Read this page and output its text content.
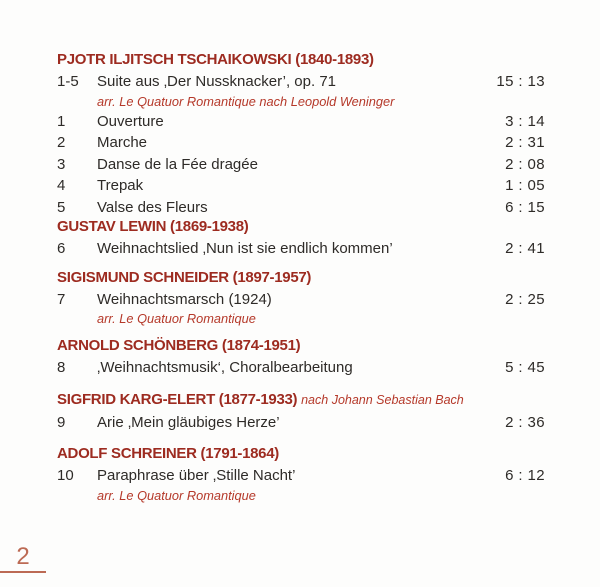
PJOTR ILJITSCH TSCHAIKOWSKI (1840-1893)
1-5	Suite aus ‚Der Nussknacker’, op. 71	15 : 13
arr. Le Quatuor Romantique nach Leopold Weninger
1	Ouverture	3 : 14
2	Marche	2 : 31
3	Danse de la Fée dragée	2 : 08
4	Trepak	1 : 05
5	Valse des Fleurs	6 : 15
GUSTAV LEWIN (1869-1938)
6	Weihnachtslied ‚Nun ist sie endlich kommen’	2 : 41
SIGISMUND SCHNEIDER (1897-1957)
7	Weihnachtsmarsch (1924)	2 : 25
arr. Le Quatuor Romantique
ARNOLD SCHÖNBERG (1874-1951)
8	‚Weihnachtsmusik‘, Choralbearbeitung	5 : 45
SIGFRID KARG-ELERT (1877-1933) nach Johann Sebastian Bach
9	Arie ‚Mein gläubiges Herze’	2 : 36
ADOLF SCHREINER (1791-1864)
10	Paraphrase über ‚Stille Nacht’	6 : 12
arr. Le Quatuor Romantique
2
